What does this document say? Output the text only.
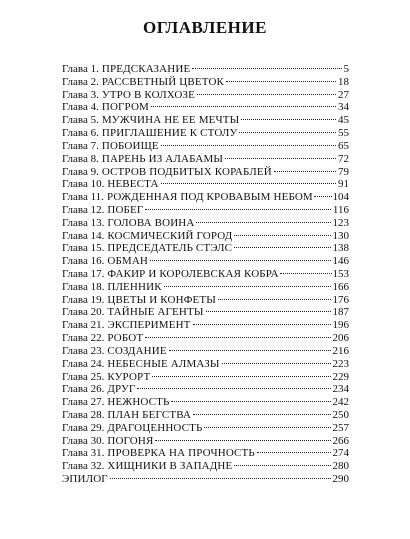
ОГЛАВЛЕНИЕ
Глава 1. ПРЕДСКАЗАНИЕ	5
Глава 2. РАССВЕТНЫЙ ЦВЕТОК	18
Глава 3. УТРО В КОЛХОЗЕ	27
Глава 4. ПОГРОМ	34
Глава 5. МУЖЧИНА НЕ ЕЕ МЕЧТЫ	45
Глава 6. ПРИГЛАШЕНИЕ К СТОЛУ	55
Глава 7. ПОБОИЩЕ	65
Глава 8. ПАРЕНЬ ИЗ АЛАБАМЫ	72
Глава 9. ОСТРОВ ПОДБИТЫХ КОРАБЛЕЙ	79
Глава 10. НЕВЕСТА	91
Глава 11. РОЖДЕННАЯ ПОД КРОВАВЫМ НЕБОМ 104
Глава 12. ПОБЕГ	116
Глава 13. ГОЛОВА ВОИНА	123
Глава 14. КОСМИЧЕСКИЙ ГОРОД	130
Глава 15. ПРЕДСЕДАТЕЛЬ СТЭЛС	138
Глава 16. ОБМАН	146
Глава 17. ФАКИР И КОРОЛЕВСКАЯ КОБРА	153
Глава 18. ПЛЕННИК	166
Глава 19. ЦВЕТЫ И КОНФЕТЫ	176
Глава 20. ТАЙНЫЕ АГЕНТЫ	187
Глава 21. ЭКСПЕРИМЕНТ	196
Глава 22. РОБОТ	206
Глава 23. СОЗДАНИЕ	216
Глава 24. НЕБЕСНЫЕ АЛМАЗЫ	223
Глава 25. КУРОРТ	229
Глава 26. ДРУГ	234
Глава 27. НЕЖНОСТЬ	242
Глава 28. ПЛАН БЕГСТВА	250
Глава 29. ДРАГОЦЕННОСТЬ	257
Глава 30. ПОГОНЯ	266
Глава 31. ПРОВЕРКА НА ПРОЧНОСТЬ	274
Глава 32. ХИЩНИКИ В ЗАПАДНЕ	280
ЭПИЛОГ	290
